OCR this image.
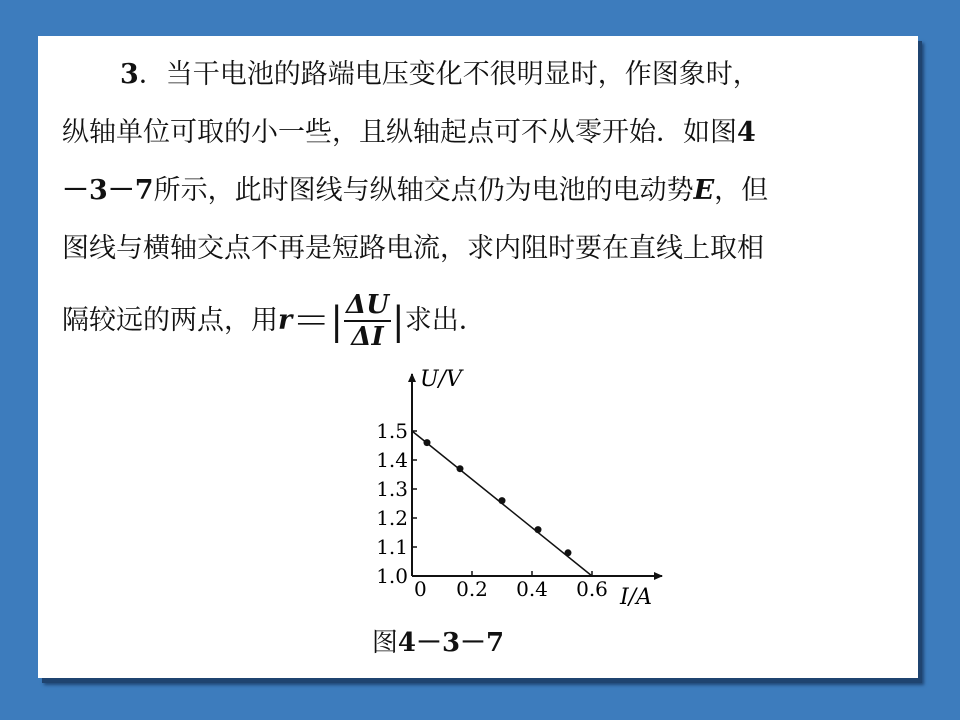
3．当干电池的路端电压变化不很明显时，作图象时，
纵轴单位可取的小一些，且纵轴起点可不从零开始．如图4
－3－7所示，此时图线与纵轴交点仍为电池的电动势E，但
图线与横轴交点不再是短路电流，求内阻时要在直线上取相
隔较远的两点，用 r ＝| $\frac{\Delta U}{\Delta I}$ | 求出．
1.0
1.1
1.2
1.3
1.4
1.5
0 0.2 0.4 0.6
U/V
I/A
图4－3－7
